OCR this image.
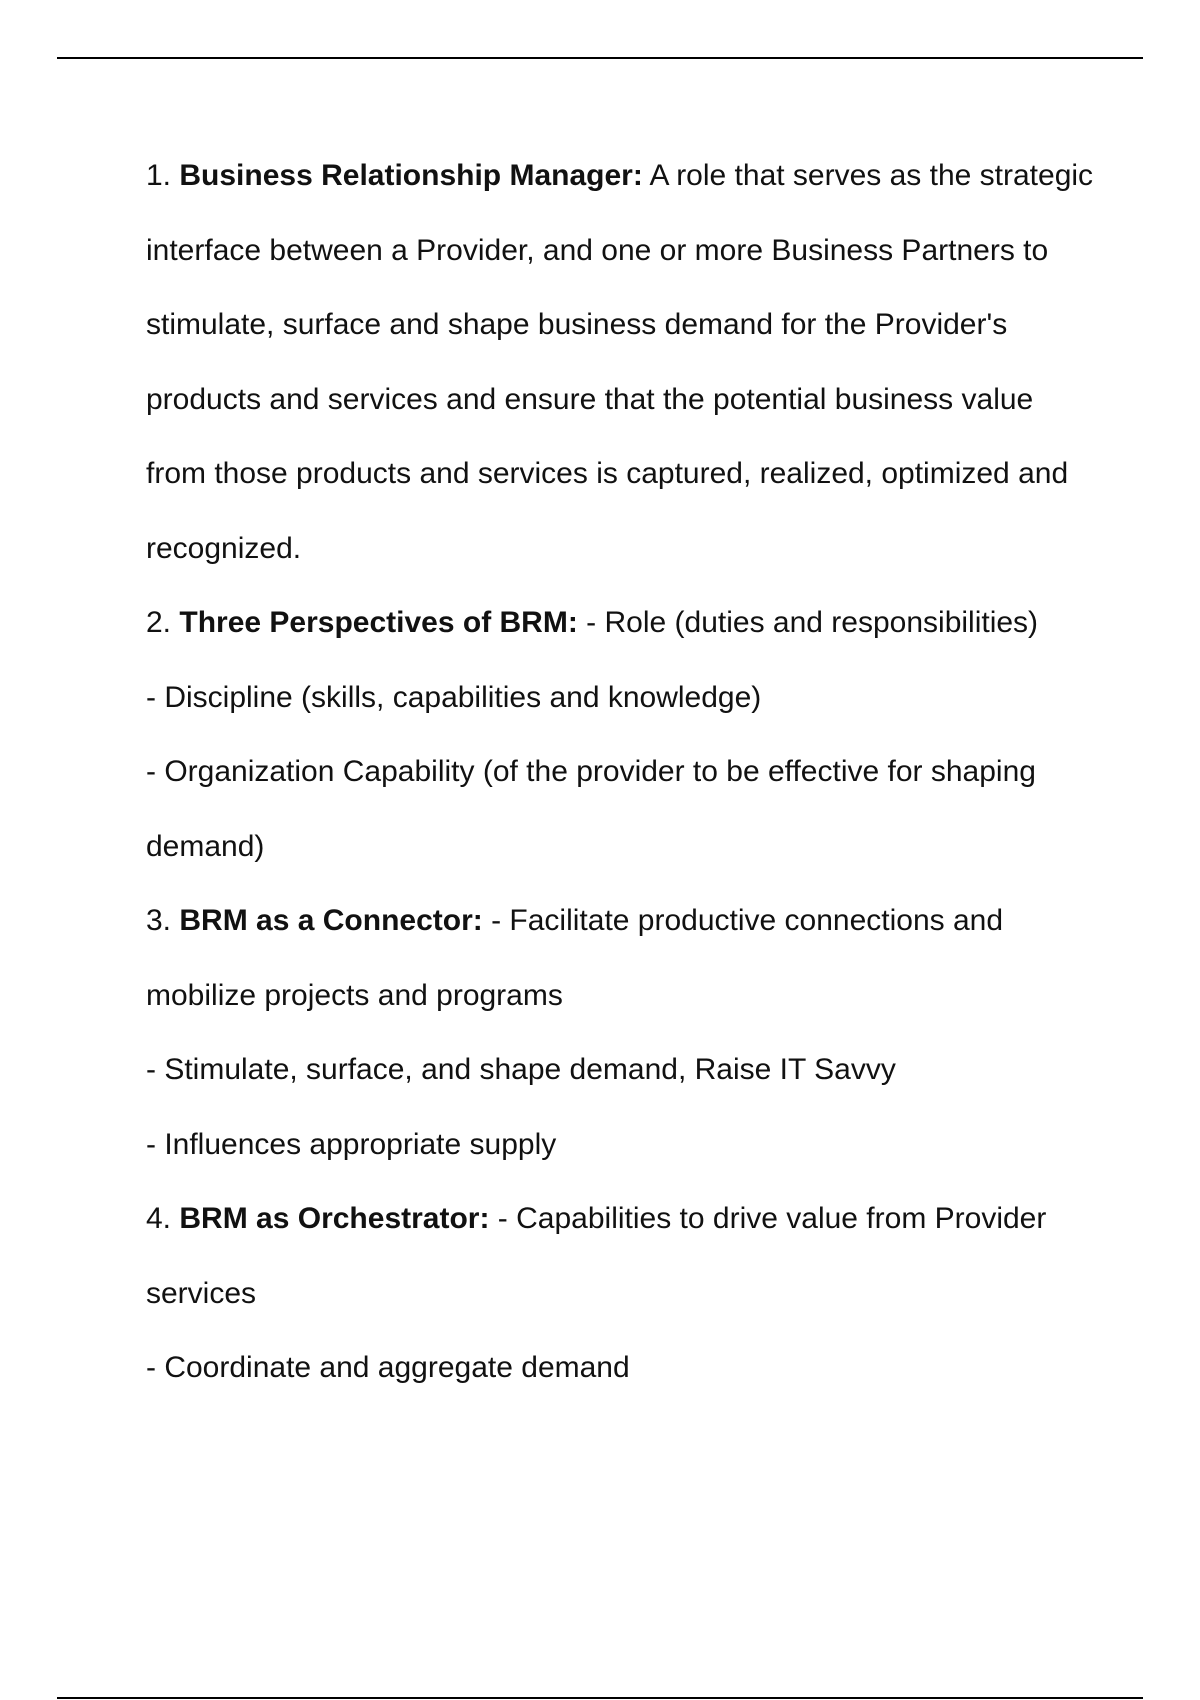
1. Business Relationship Manager: A role that serves as the strategic interface between a Provider, and one or more Business Partners to stimulate, surface and shape business demand for the Provider's products and services and ensure that the potential business value from those products and services is captured, realized, optimized and recognized.

2. Three Perspectives of BRM: - Role (duties and responsibilities)

- Discipline (skills, capabilities and knowledge)

- Organization Capability (of the provider to be effective for shaping demand)

3. BRM as a Connector: - Facilitate productive connections and mobilize projects and programs

- Stimulate, surface, and shape demand, Raise IT Savvy

- Influences appropriate supply

4. BRM as Orchestrator: - Capabilities to drive value from Provider services

- Coordinate and aggregate demand
